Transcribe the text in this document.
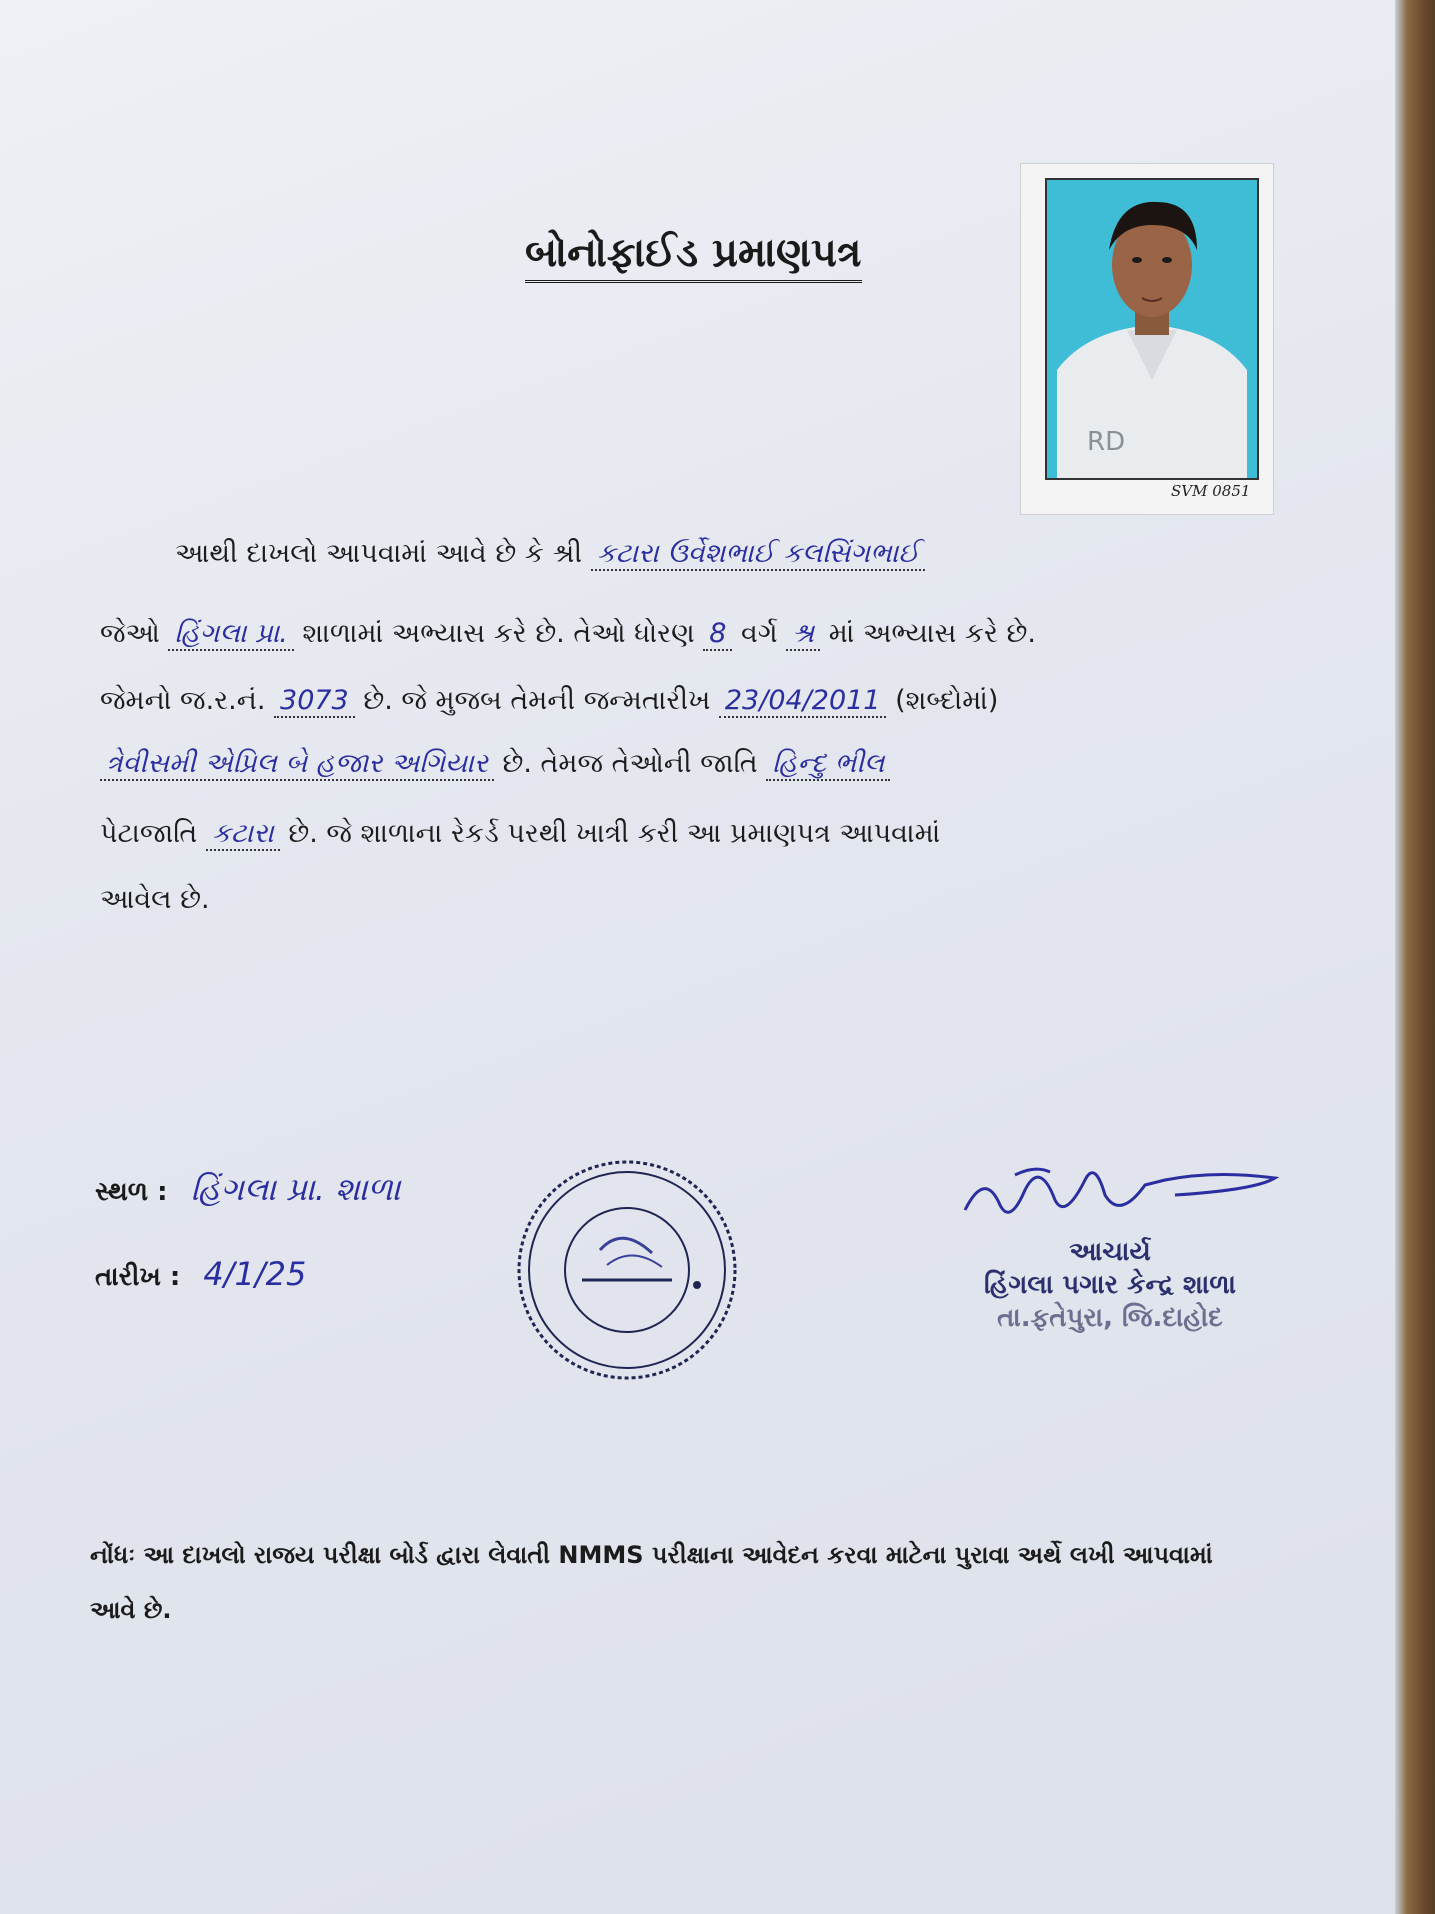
બોનોફાઈડ પ્રમાણપત્ર
RD
SVM 0851
આથી દાખલો આપવામાં આવે છે કે શ્રી કટારા ઉર્વેશભાઈ કલસિંગભાઈ
જેઓ હિંગલા પ્રા. શાળામાં અભ્યાસ કરે છે. તેઓ ધોરણ 8 વર્ગ શ્ર માં અભ્યાસ કરે છે.
જેમનો જ.ર.નં. 3073 છે. જે મુજબ તેમની જન્મતારીખ 23/04/2011 (શબ્દોમાં)
ત્રેવીસમી એપ્રિલ બે હજાર અગિયાર છે. તેમજ તેઓની જાતિ હિન્દુ ભીલ
પેટાજાતિ કટારા છે. જે શાળાના રેકર્ડ પરથી ખાત્રી કરી આ પ્રમાણપત્ર આપવામાં
આવેલ છે.
સ્થળ : હિંગલા પ્રા. શાળા
તારીખ : 4/1/25
આચાર્ય
હિંગલા પગાર કેન્દ્ર શાળા
તા.ફતેપુરા, જિ.દાહોદ
નોંધઃ આ દાખલો રાજય પરીક્ષા બોર્ડ દ્વારા લેવાતી NMMS પરીક્ષાના આવેદન કરવા માટેના પુરાવા અર્થે લખી આપવામાં આવે છે.
